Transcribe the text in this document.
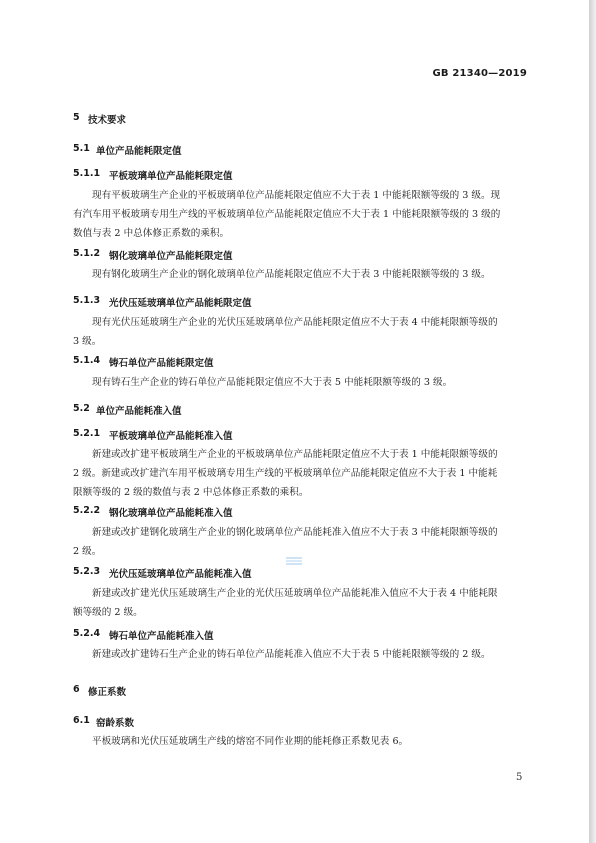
GB 21340—2019
5 技术要求
5.1 单位产品能耗限定值
5.1.1 平板玻璃单位产品能耗限定值
现有平板玻璃生产企业的平板玻璃单位产品能耗限定值应不大于表 1 中能耗限额等级的 3 级。现
有汽车用平板玻璃专用生产线的平板玻璃单位产品能耗限定值应不大于表 1 中能耗限额等级的 3 级的
数值与表 2 中总体修正系数的乘积。
5.1.2 钢化玻璃单位产品能耗限定值
现有钢化玻璃生产企业的钢化玻璃单位产品能耗限定值应不大于表 3 中能耗限额等级的 3 级。
5.1.3 光伏压延玻璃单位产品能耗限定值
现有光伏压延玻璃生产企业的光伏压延玻璃单位产品能耗限定值应不大于表 4 中能耗限额等级的
3 级。
5.1.4 铸石单位产品能耗限定值
现有铸石生产企业的铸石单位产品能耗限定值应不大于表 5 中能耗限额等级的 3 级。
5.2 单位产品能耗准入值
5.2.1 平板玻璃单位产品能耗准入值
新建或改扩建平板玻璃生产企业的平板玻璃单位产品能耗限定值应不大于表 1 中能耗限额等级的
2 级。新建或改扩建汽车用平板玻璃专用生产线的平板玻璃单位产品能耗限定值应不大于表 1 中能耗
限额等级的 2 级的数值与表 2 中总体修正系数的乘积。
5.2.2 钢化玻璃单位产品能耗准入值
新建或改扩建钢化玻璃生产企业的钢化玻璃单位产品能耗准入值应不大于表 3 中能耗限额等级的
2 级。
5.2.3 光伏压延玻璃单位产品能耗准入值
新建或改扩建光伏压延玻璃生产企业的光伏压延玻璃单位产品能耗准入值应不大于表 4 中能耗限
额等级的 2 级。
5.2.4 铸石单位产品能耗准入值
新建或改扩建铸石生产企业的铸石单位产品能耗准入值应不大于表 5 中能耗限额等级的 2 级。
6 修正系数
6.1 窑龄系数
平板玻璃和光伏压延玻璃生产线的熔窑不同作业期的能耗修正系数见表 6。
5
